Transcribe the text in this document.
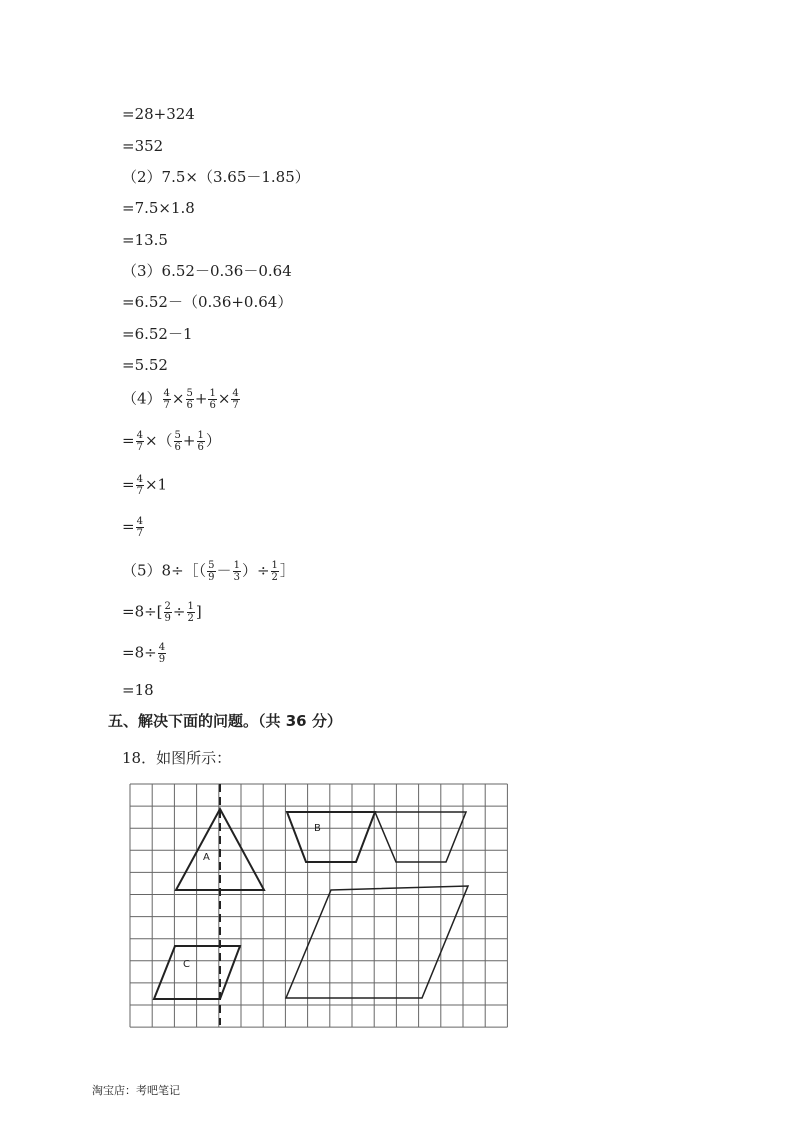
=28+324
=352
（2）7.5×（3.65－1.85）
=7.5×1.8
=13.5
（3）6.52－0.36－0.64
=6.52－（0.36+0.64）
=6.52－1
=5.52
$(4) \frac{4}{7} \times \frac{5}{6} + \frac{1}{6} \times \frac{4}{7}$
= $\frac{4}{7}$ ×（ $\frac{5}{6} + \frac{1}{6}$ ）
= $\frac{4}{7} \times 1$
= $\frac{4}{7}$
（5）8÷［（ $\frac{5}{9} - \frac{1}{3}$ ）÷ $\frac{1}{2}$ ］
$=8\div[ \frac{2}{9} \div \frac{1}{2}$ ]
$=8\div \frac{4}{9}$
=18
五、解决下面的问题。（共 36 分）
18．如图所示：
A
B
C
淘宝店：考吧笔记
